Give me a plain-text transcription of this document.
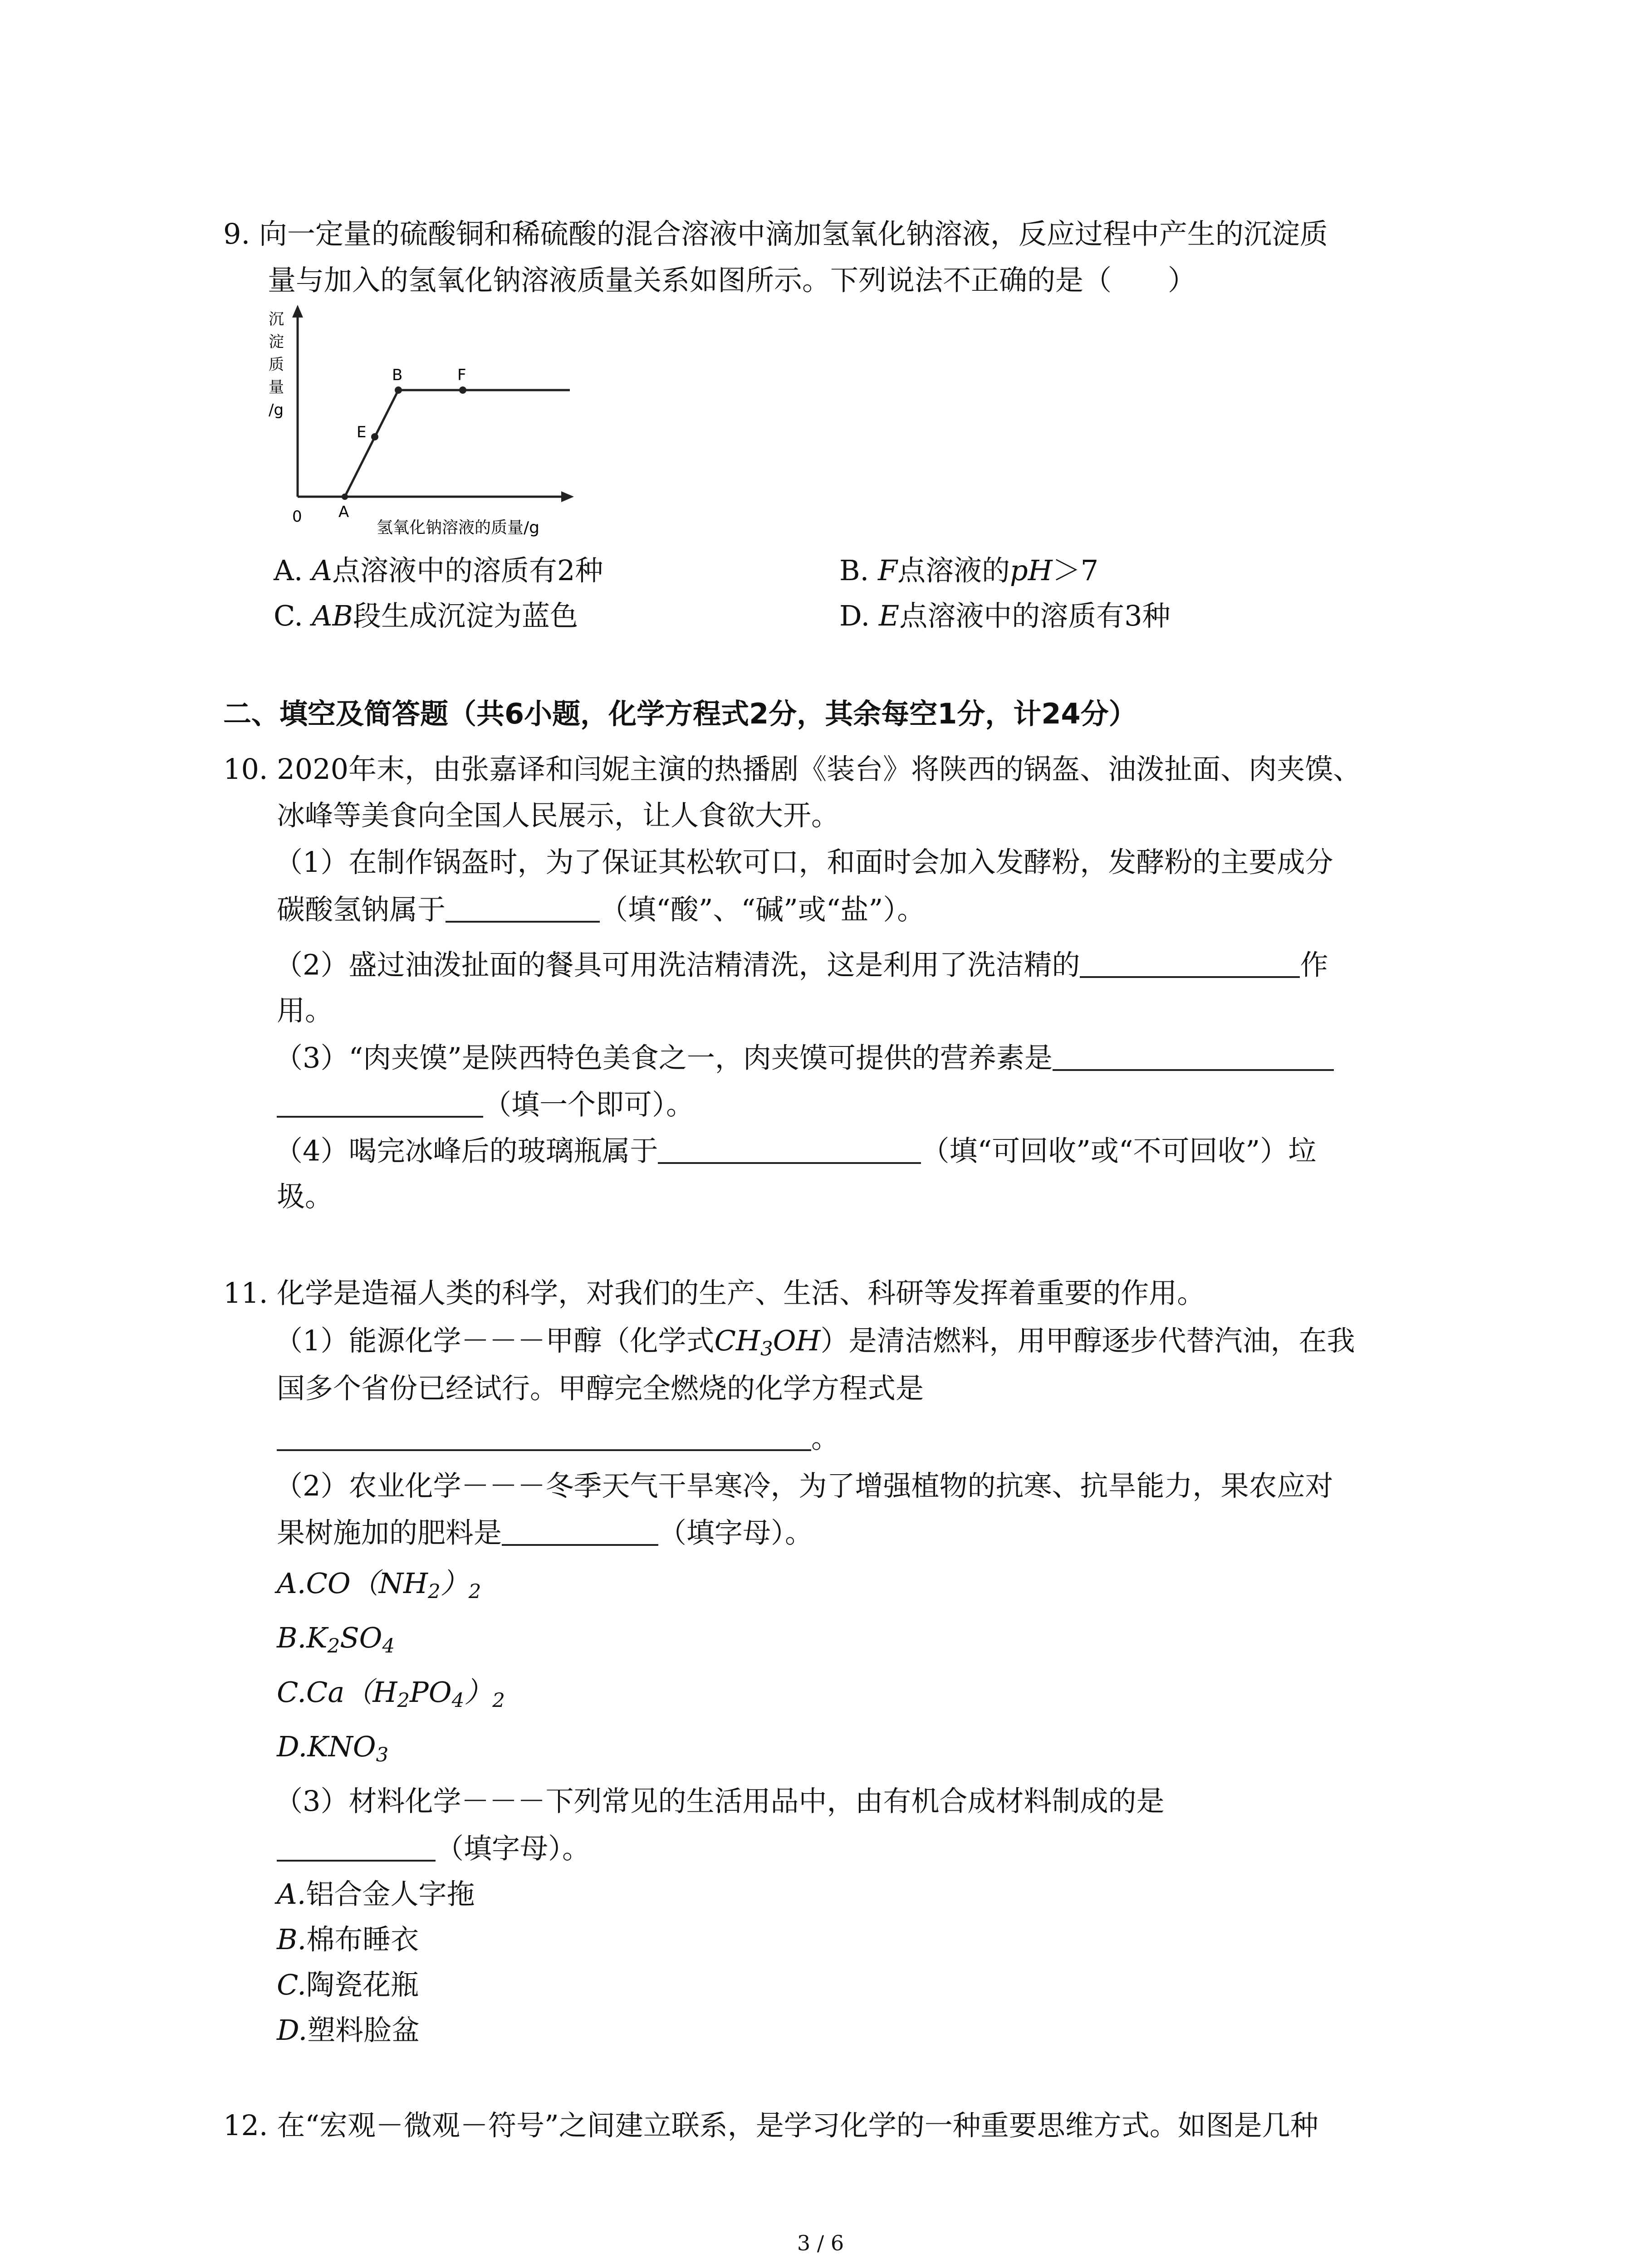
9. 向一定量的硫酸铜和稀硫酸的混合溶液中滴加氢氧化钠溶液，反应过程中产生的沉淀质
量与加入的氢氧化钠溶液质量关系如图所示。下列说法不正确的是（　　）
沉
淀
质
量
/g
A
E
B	F
0
氢氧化钠溶液的质量/g
A. A点溶液中的溶质有2种	B. F点溶液的pH＞7
C. AB段生成沉淀为蓝色	D. E点溶液中的溶质有3种
二、填空及简答题（共6小题，化学方程式2分，其余每空1分，计24分）
10. 2020年末，由张嘉译和闫妮主演的热播剧《装台》将陕西的锅盔、油泼扯面、肉夹馍、
冰峰等美食向全国人民展示，让人食欲大开。
（1）在制作锅盔时，为了保证其松软可口，和面时会加入发酵粉，发酵粉的主要成分
碳酸氢钠属于	（填“酸”、“碱”或“盐”）。
（2）盛过油泼扯面的餐具可用洗洁精清洗，这是利用了洗洁精的	作
用。
（3）“肉夹馍”是陕西特色美食之一，肉夹馍可提供的营养素是
（填一个即可）。
（4）喝完冰峰后的玻璃瓶属于	（填“可回收”或“不可回收”）垃
圾。
11. 化学是造福人类的科学，对我们的生产、生活、科研等发挥着重要的作用。
（1）能源化学－－－甲醇（化学式$CH_3OH$）是清洁燃料，用甲醇逐步代替汽油，在我
国多个省份已经试行。甲醇完全燃烧的化学方程式是
。
（2）农业化学－－－冬季天气干旱寒冷，为了增强植物的抗寒、抗旱能力，果农应对
果树施加的肥料是	（填字母）。
$A.CO(NH_2)_2$
$B.K_2SO_4$
$C.Ca(H_2PO_4)_2$
$D.KNO_3$
（3）材料化学－－－下列常见的生活用品中，由有机合成材料制成的是
（填字母）。
A.铝合金人字拖
B.棉布睡衣
C.陶瓷花瓶
D.塑料脸盆
12. 在“宏观－微观－符号”之间建立联系，是学习化学的一种重要思维方式。如图是几种
3 / 6
